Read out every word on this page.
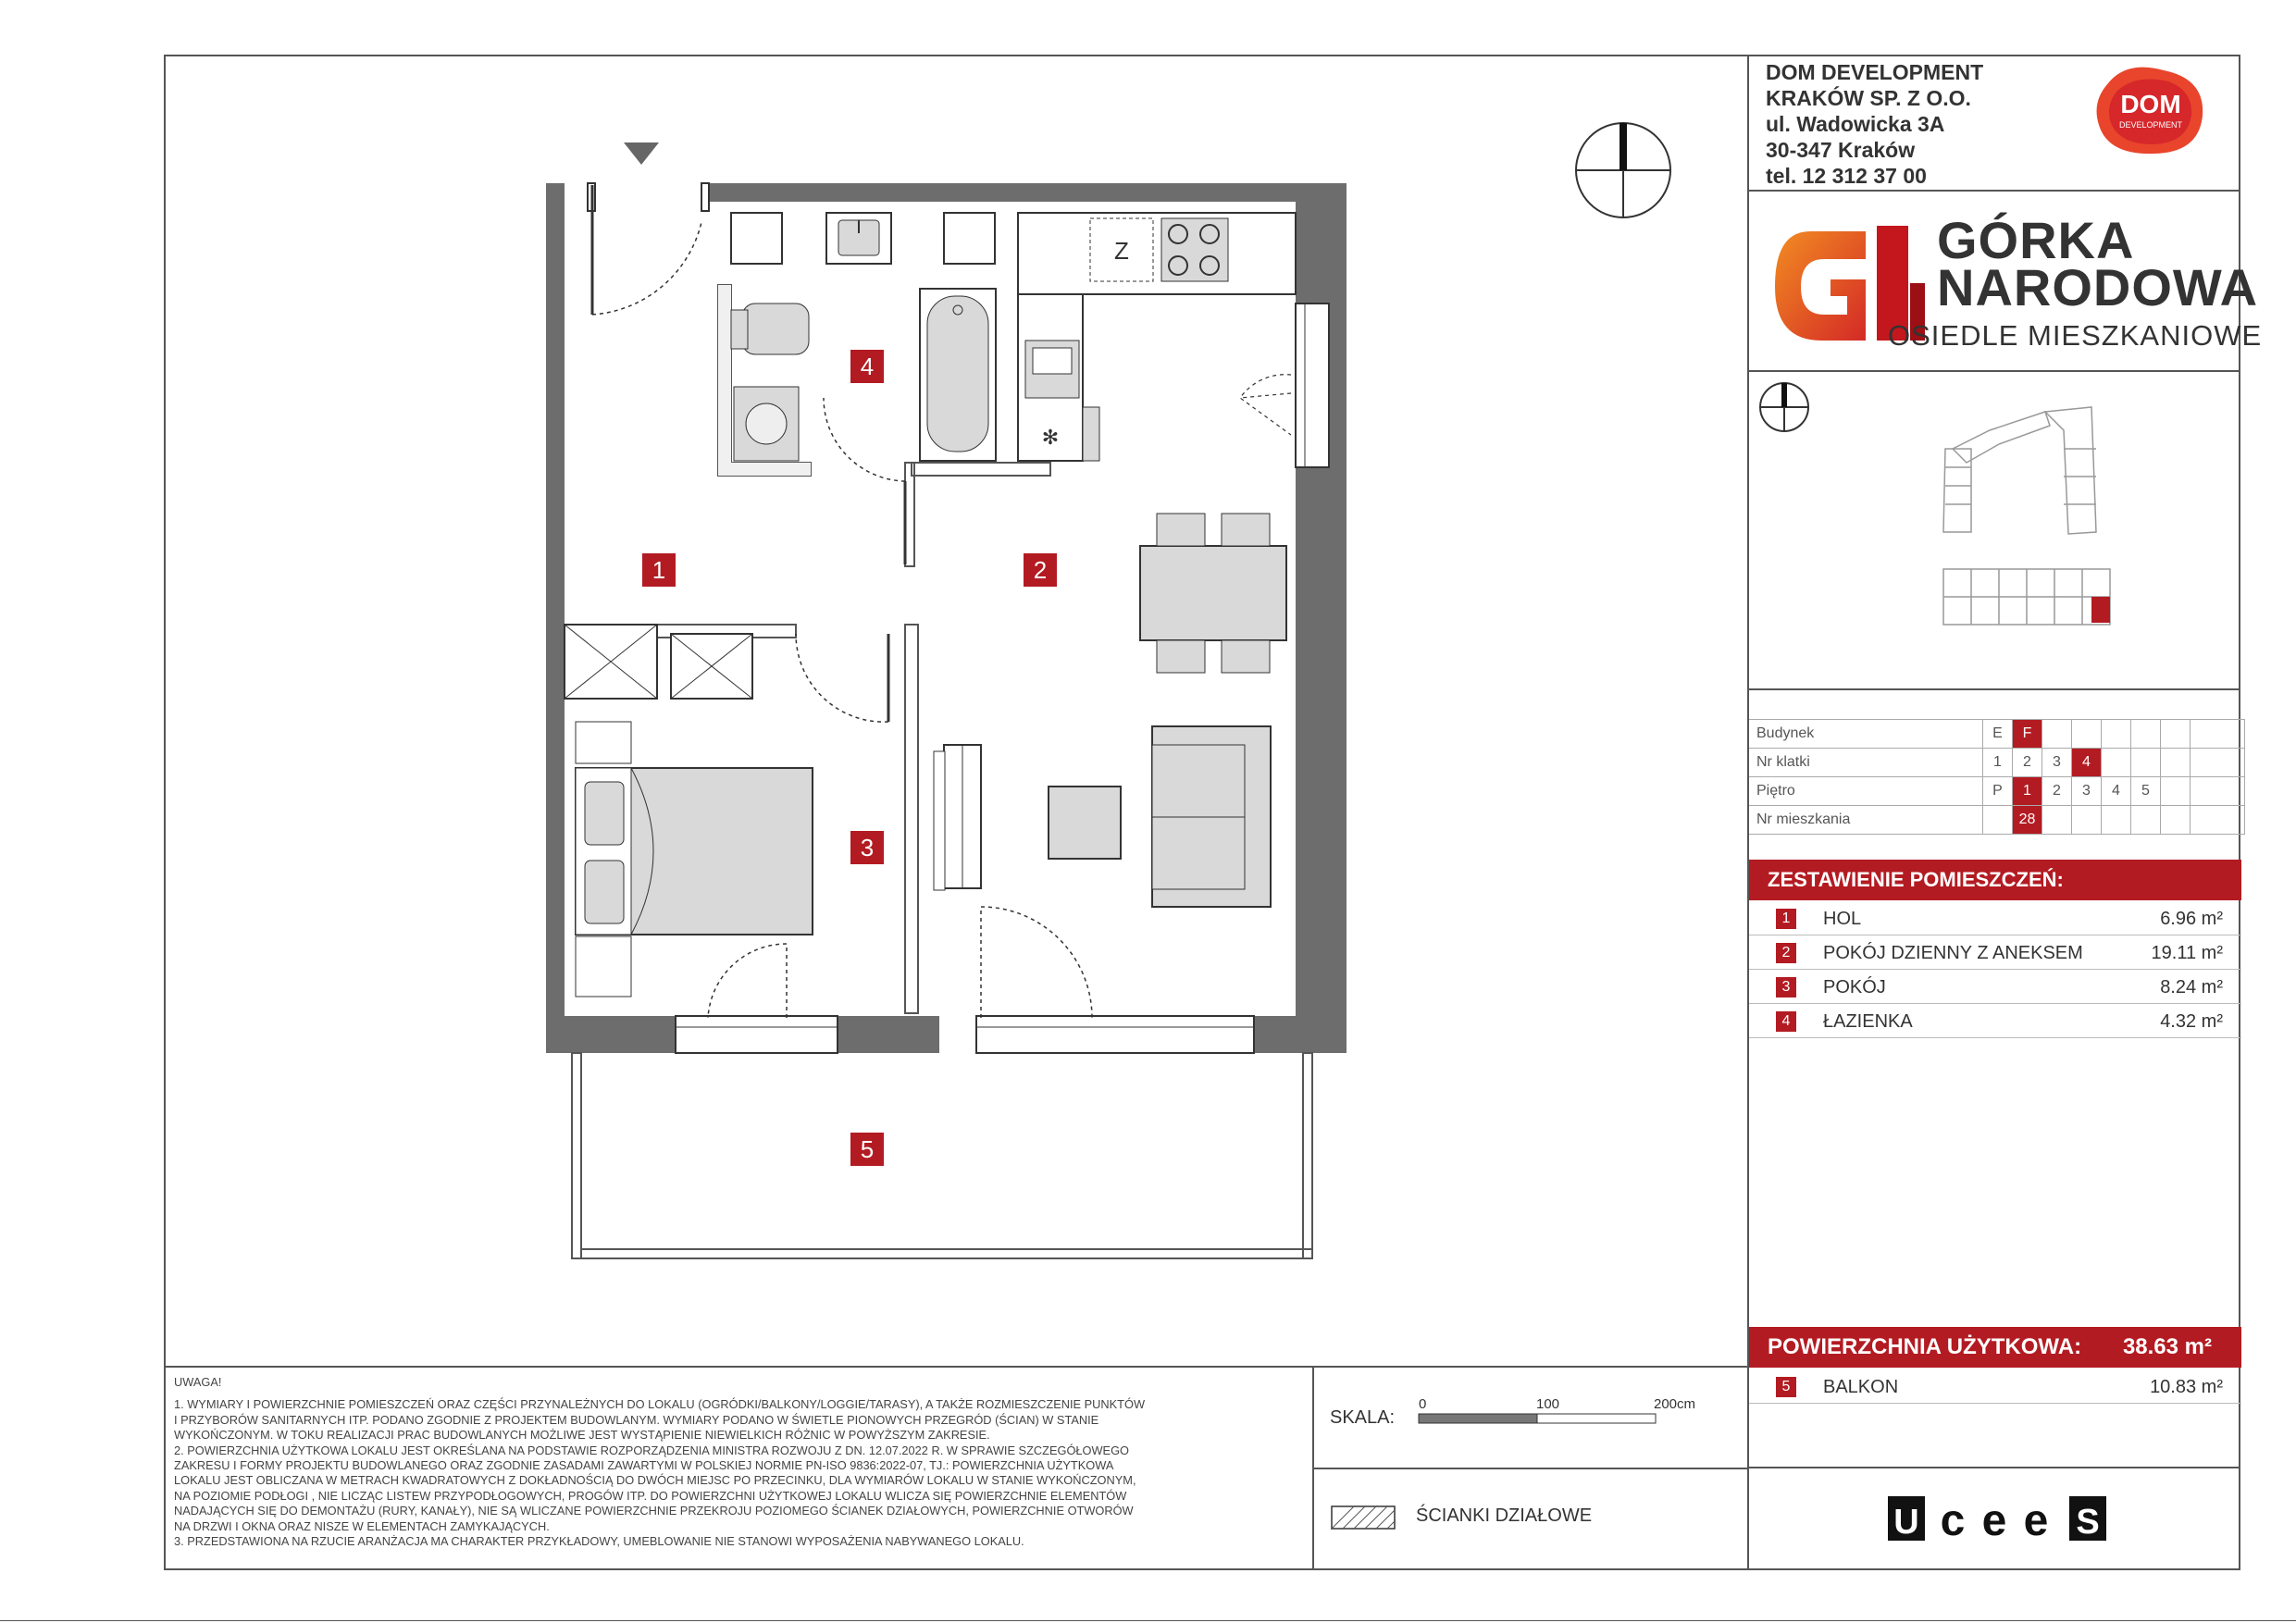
DOM DEVELOPMENT
KRAKÓW SP. Z O.O.
ul. Wadowicka 3A
30-347 Kraków
tel. 12 312 37 00
DOM
DEVELOPMENT
GÓRKA
NARODOWA
OSIEDLE MIESZKANIOWE
Budynek	E	F						
Nr klatki	1	2	3	4				
Piętro	P	1	2	3	4	5		
Nr mieszkania		28						
ZESTAWIENIE POMIESZCZEŃ:
1	HOL	6.96 m²
2	POKÓJ DZIENNY Z ANEKSEM	19.11 m²
3	POKÓJ	8.24 m²
4	ŁAZIENKA	4.32 m²
POWIERZCHNIA UŻYTKOWA: 38.63 m²
5	BALKON	10.83 m²
Z
✻
1	2
3
4
5

UWAGA!

1. WYMIARY I POWIERZCHNIE POMIESZCZEŃ ORAZ CZĘŚCI PRZYNALEŻNYCH DO LOKALU (OGRÓDKI/BALKONY/LOGGIE/TARASY), A TAKŻE ROZMIESZCZENIE PUNKTÓW

I PRZYBORÓW SANITARNYCH ITP. PODANO ZGODNIE Z PROJEKTEM BUDOWLANYM. WYMIARY PODANO W ŚWIETLE PIONOWYCH PRZEGRÓD (ŚCIAN) W STANIE

WYKOŃCZONYM. W TOKU REALIZACJI PRAC BUDOWLANYCH MOŻLIWE JEST WYSTĄPIENIE NIEWIELKICH RÓŻNIC W POWYŻSZYM ZAKRESIE.

2. POWIERZCHNIA UŻYTKOWA LOKALU JEST OKREŚLANA NA PODSTAWIE ROZPORZĄDZENIA MINISTRA ROZWOJU Z DN. 12.07.2022 R. W SPRAWIE SZCZEGÓŁOWEGO

ZAKRESU I FORMY PROJEKTU BUDOWLANEGO ORAZ ZGODNIE ZASADAMI ZAWARTYMI W POLSKIEJ NORMIE PN-ISO 9836:2022-07, TJ.: POWIERZCHNIA UŻYTKOWA

LOKALU JEST OBLICZANA W METRACH KWADRATOWYCH Z DOKŁADNOŚCIĄ DO DWÓCH MIEJSC PO PRZECINKU, DLA WYMIARÓW LOKALU W STANIE WYKOŃCZONYM,

NA POZIOMIE PODŁOGI , NIE LICZĄC LISTEW PRZYPODŁOGOWYCH, PROGÓW ITP. DO POWIERZCHNI UŻYTKOWEJ LOKALU WLICZA SIĘ POWIERZCHNIE ELEMENTÓW

NADAJĄCYCH SIĘ DO DEMONTAŻU (RURY, KANAŁY), NIE SĄ WLICZANE POWIERZCHNIE PRZEKROJU POZIOMEGO ŚCIANEK DZIAŁOWYCH, POWIERZCHNIE OTWORÓW

NA DRZWI I OKNA ORAZ NISZE W ELEMENTACH ZAMYKAJĄCYCH.

3. PRZEDSTAWIONA NA RZUCIE ARANŻACJA MA CHARAKTER PRZYKŁADOWY, UMEBLOWANIE NIE STANOWI WYPOSAŻENIA NABYWANEGO LOKALU.

SKALA:
0	100	200cm
ŚCIANKI DZIAŁOWE	U c e e S
